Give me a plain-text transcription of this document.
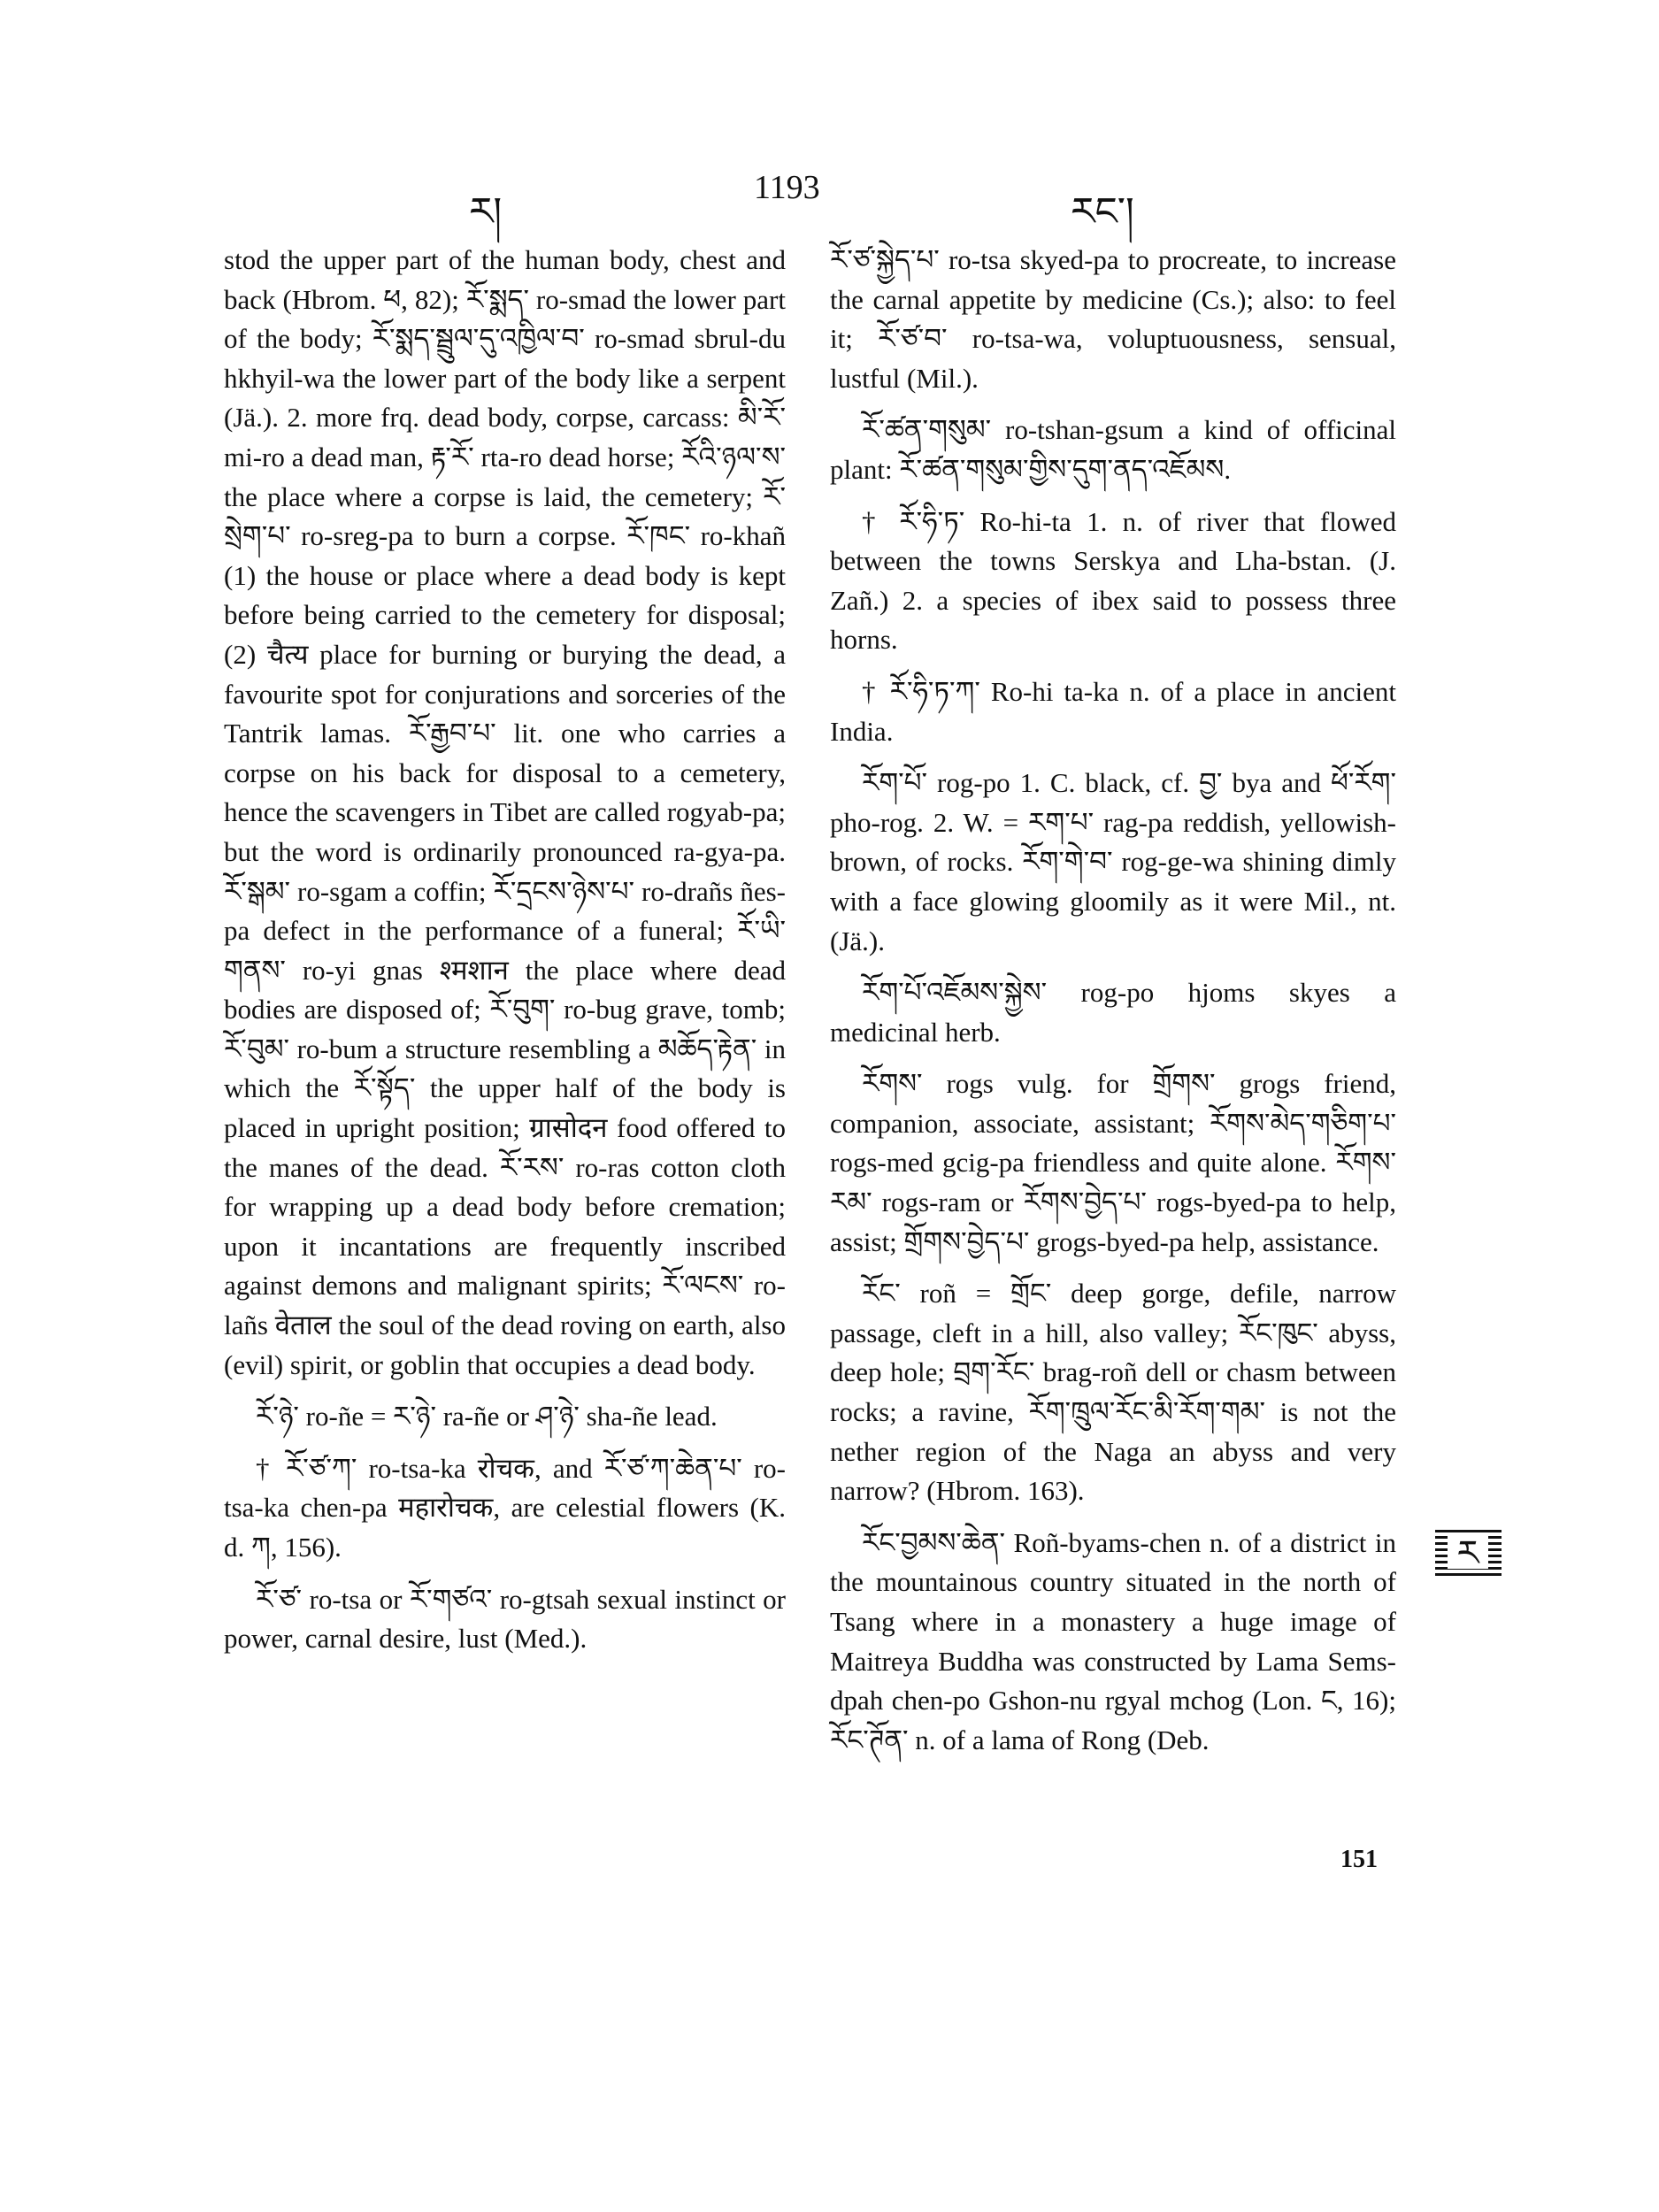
ར།
1193
རང་།

stod the upper part of the human body, chest and back (Hbrom. ཕ, 82); རོ་སྨད་ ro-smad the lower part of the body; རོ་སྨད་སྦྲུལ་དུ་འཁྱིལ་བ་ ro-smad sbrul-du hkhyil-wa the lower part of the body like a serpent (Jä.). 2. more frq. dead body, corpse, carcass: མི་རོ་ mi-ro a dead man, རྟ་རོ་ rta-ro dead horse; རོའི་ཉལ་ས་ the place where a corpse is laid, the cemetery; རོ་སྲེག་པ་ ro-sreg-pa to burn a corpse. རོ་ཁང་ ro-khañ (1) the house or place where a dead body is kept before being carried to the cemetery for disposal; (2) चैत्य place for burning or burying the dead, a favourite spot for conjurations and sorceries of the Tantrik lamas. རོ་རྒྱབ་པ་ lit. one who carries a corpse on his back for disposal to a cemetery, hence the scavengers in Tibet are called rogyab-pa; but the word is ordinarily pronounced ra-gya-pa. རོ་སྒམ་ ro-sgam a coffin; རོ་དྲངས་ཉེས་པ་ ro-drañs ñes-pa defect in the performance of a funeral; རོ་ཡི་གནས་ ro-yi gnas श्मशान the place where dead bodies are disposed of; རོ་བུག་ ro-bug grave, tomb; རོ་བུམ་ ro-bum a structure resembling a མཆོད་རྟེན་ in which the རོ་སྟོད་ the upper half of the body is placed in upright position; ग्रासोदन food offered to the manes of the dead. རོ་རས་ ro-ras cotton cloth for wrapping up a dead body before cremation; upon it incantations are frequently inscribed against demons and malignant spirits; རོ་ལངས་ ro-lañs वेताल the soul of the dead roving on earth, also (evil) spirit, or goblin that occupies a dead body.

རོ་ཉེ་ ro-ñe = ར་ཉེ་ ra-ñe or ཤ་ཉེ་ sha-ñe lead.

† རོ་ཙ་ཀ་ ro-tsa-ka रोचक, and རོ་ཙ་ཀ་ཆེན་པ་ ro-tsa-ka chen-pa महारोचक, are celestial flowers (K. d. ཀ, 156).

རོ་ཙ་ ro-tsa or རོ་གཙའ་ ro-gtsah sexual instinct or power, carnal desire, lust (Med.).

རོ་ཙ་སྐྱེད་པ་ ro-tsa skyed-pa to procreate, to increase the carnal appetite by medicine (Cs.); also: to feel it; རོ་ཙ་བ་ ro-tsa-wa, voluptuousness, sensual, lustful (Mil.).

རོ་ཚན་གསུམ་ ro-tshan-gsum a kind of officinal plant: རོ་ཚན་གསུམ་གྱིས་དུག་ནད་འཇོམས.

† རོ་ཧི་ཏ་ Ro-hi-ta 1. n. of river that flowed between the towns Serskya and Lha-bstan. (J. Zañ.) 2. a species of ibex said to possess three horns.

† རོ་ཧི་ཏ་ཀ་ Ro-hi ta-ka n. of a place in ancient India.

རོག་པོ་ rog-po 1. C. black, cf. བྱ་ bya and ཕོ་རོག་ pho-rog. 2. W. = རག་པ་ rag-pa reddish, yellowish-brown, of rocks. རོག་གེ་བ་ rog-ge-wa shining dimly with a face glowing gloomily as it were Mil., nt. (Jä.).

རོག་པོ་འཇོམས་སྐྱེས་ rog-po hjoms skyes a medicinal herb.

རོགས་ rogs vulg. for གྲོགས་ grogs friend, companion, associate, assistant; རོགས་མེད་གཅིག་པ་ rogs-med gcig-pa friendless and quite alone. རོགས་རམ་ rogs-ram or རོགས་བྱེད་པ་ rogs-byed-pa to help, assist; གྲོགས་བྱེད་པ་ grogs-byed-pa help, assistance.

རོང་ roñ = གྲོང་ deep gorge, defile, narrow passage, cleft in a hill, also valley; རོང་ཁུང་ abyss, deep hole; བྲག་རོང་ brag-roñ dell or chasm between rocks; a ravine, རོག་ཁྲུལ་རོང་མི་རོག་གམ་ is not the nether region of the Naga an abyss and very narrow? (Hbrom. 163).

རོང་བྱམས་ཆེན་ Roñ-byams-chen n. of a district in the mountainous country situated in the north of Tsang where in a monastery a huge image of Maitreya Buddha was constructed by Lama Sems-dpah chen-po Gshon-nu rgyal mchog (Lon. ང, 16); རོང་ཊོན་ n. of a lama of Rong (Deb.

151
ར
